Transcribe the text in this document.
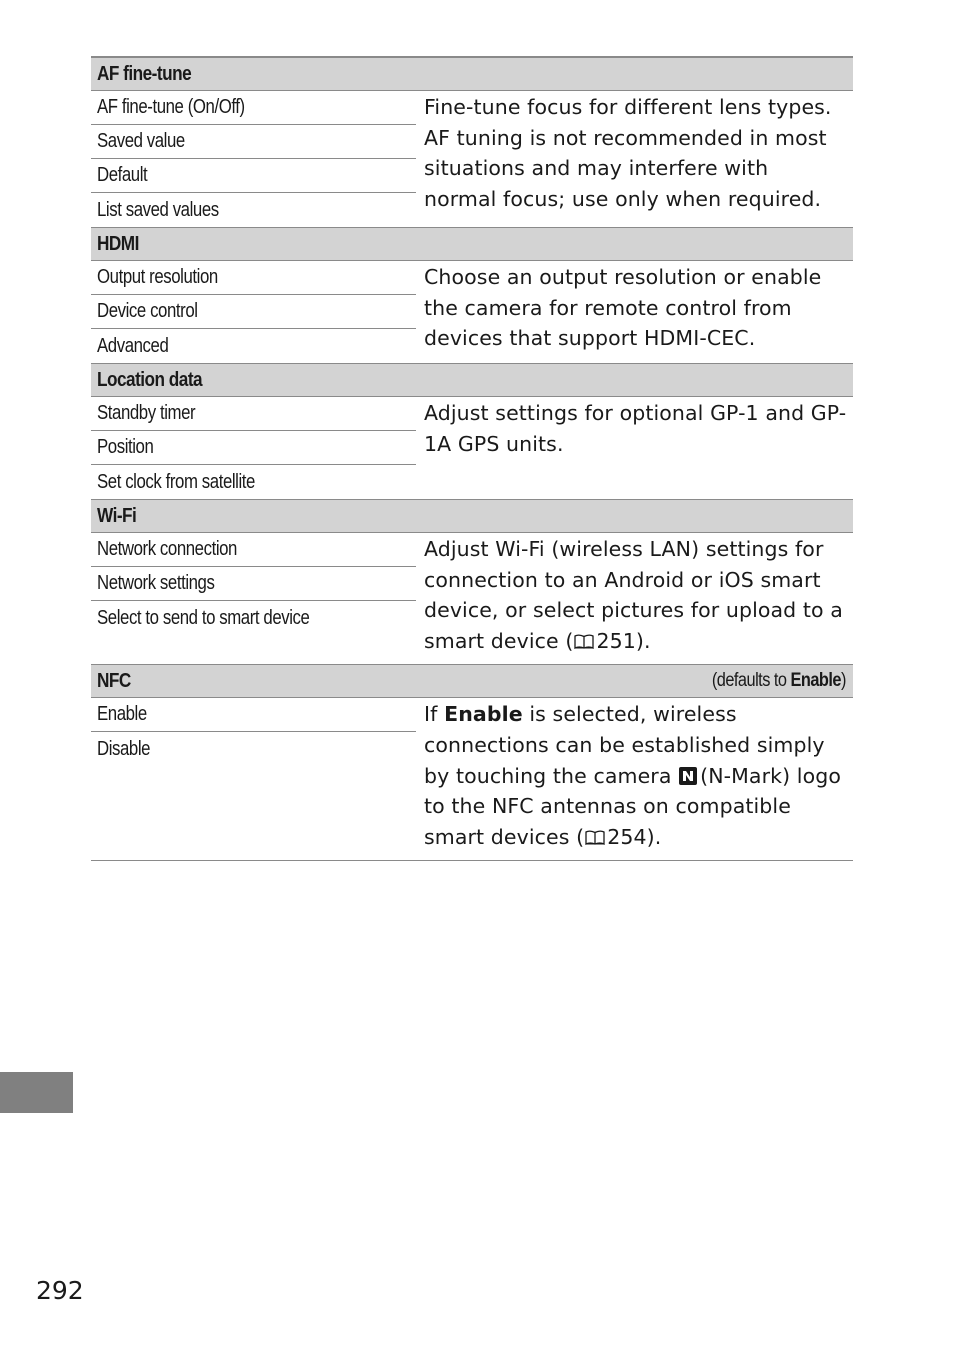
AF fine-tune
AF fine-tune (On/Off)
Saved value
Default
List saved values
Fine-tune focus for different lens types. AF tuning is not recommended in most situations and may interfere with normal focus; use only when required.
HDMI
Output resolution
Device control
Advanced
Choose an output resolution or enable the camera for remote control from devices that support HDMI-CEC.
Location data
Standby timer
Position
Set clock from satellite
Adjust settings for optional GP-1 and GP-1A GPS units.
Wi-Fi
Network connection
Network settings
Select to send to smart device
Adjust Wi-Fi (wireless LAN) settings for connection to an Android or iOS smart device, or select pictures for upload to a smart device ( 251).
NFC	(defaults to Enable)
Enable
Disable
If Enable is selected, wireless connections can be established simply by touching the camera (N-Mark) logo to the NFC antennas on compatible smart devices ( 254).
292
